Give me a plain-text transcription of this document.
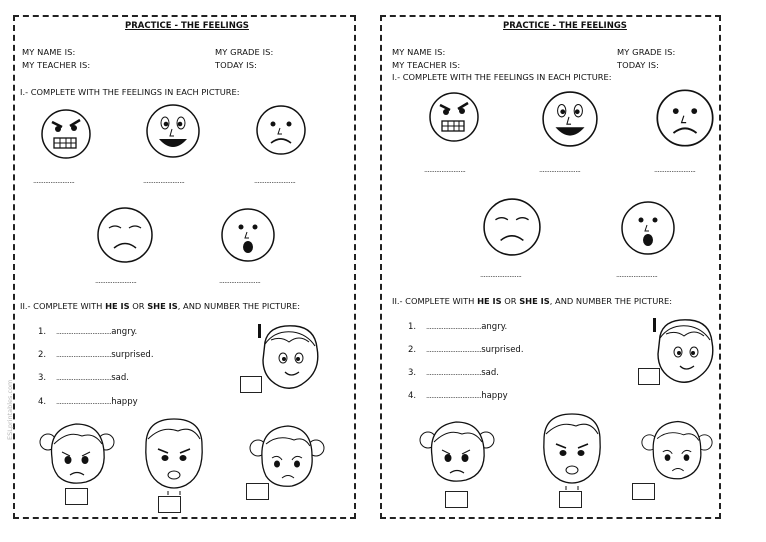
PRACTICE - THE FEELINGS
MY NAME IS:
MY TEACHER IS:
MY GRADE IS:
TODAY IS:
I.- COMPLETE WITH THE FEELINGS IN EACH PICTURE:
........................	........................	........................
........................	........................
II.- COMPLETE WITH HE IS OR SHE IS, AND NUMBER THE PICTURE:
1. ................................angry.
2. ................................surprised.
3. ................................sad.
4. ................................happy
ESLprintables.com
PRACTICE - THE FEELINGS
MY NAME IS:
MY TEACHER IS:
MY GRADE IS:
TODAY IS:
I.- COMPLETE WITH THE FEELINGS IN EACH PICTURE:
........................	........................	........................
........................	........................
II.- COMPLETE WITH HE IS OR SHE IS, AND NUMBER THE PICTURE:
1. ................................angry.
2. ................................surprised.
3. ................................sad.
4. ................................happy
